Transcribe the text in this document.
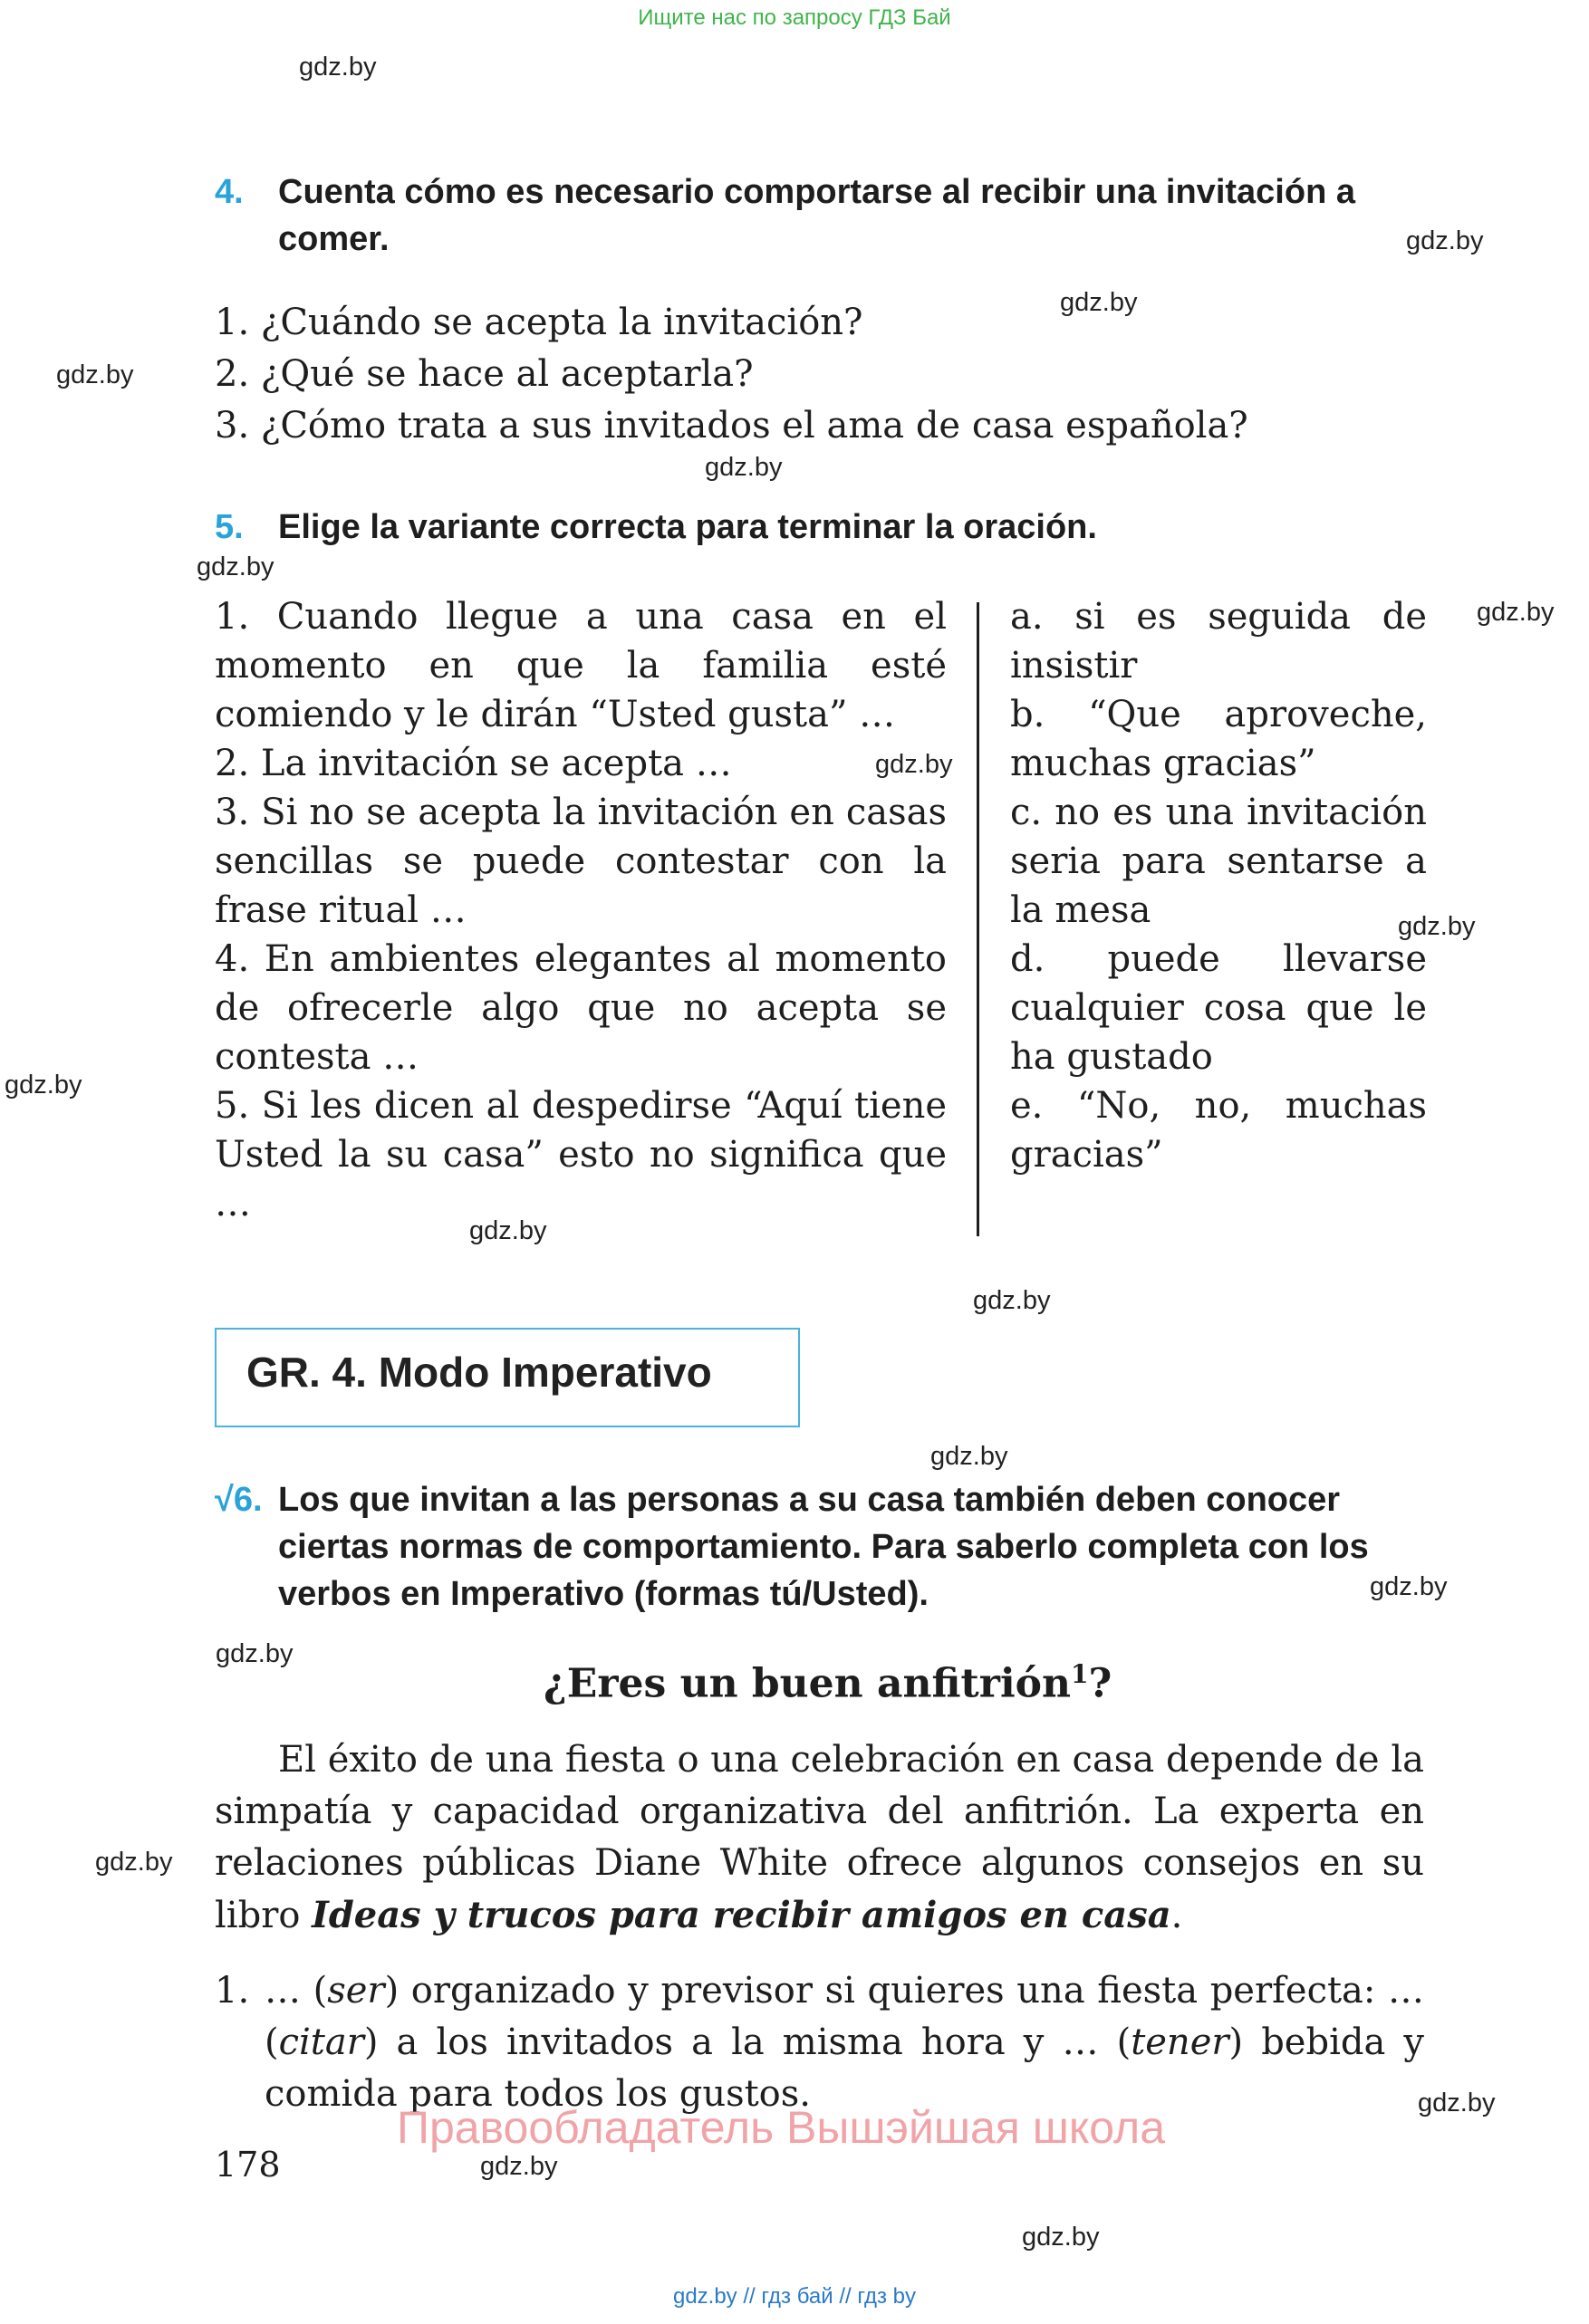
Ищите нас по запросу ГДЗ Бай
gdz.by
gdz.by
gdz.by
gdz.by
gdz.by
gdz.by
gdz.by
gdz.by
gdz.by
gdz.by
gdz.by
gdz.by
gdz.by
gdz.by
gdz.by
gdz.by
gdz.by
gdz.by
gdz.by
4. Cuenta cómo es necesario comportarse al recibir una invitación a comer.
1. ¿Cuándo se acepta la invitación?
2. ¿Qué se hace al aceptarla?
3. ¿Cómo trata a sus invitados el ama de casa española?
5. Elige la variante correcta para terminar la oración.

1. Cuando llegue a una casa en el momento en que la familia esté comiendo y le dirán “Usted gusta” …

2. La invitación se acepta …

3. Si no se acepta la invitación en casas sencillas se puede contestar con la frase ritual …

4. En ambientes elegantes al momento de ofrecerle algo que no acepta se contesta …

5. Si les dicen al despedirse “Aquí tiene Usted la su casa” esto no significa que …

a. si es seguida de insistir

b. “Que aproveche, muchas gracias”

c. no es una invitación seria para sentarse a la mesa

d. puede llevarse cualquier cosa que le ha gustado

e. “No, no, muchas gracias”

GR. 4. Modo Imperativo
√6. Los que invitan a las personas a su casa también deben conocer ciertas normas de comportamiento. Para saberlo completa con los verbos en Imperativo (formas tú/Usted).
¿Eres un buen anfitrión$^1$?

El éxito de una fiesta o una celebración en casa depende de la simpatía y capacidad organizativa del anfitrión. La experta en relaciones públicas Diane White ofrece algunos consejos en su libro Ideas y trucos para recibir amigos en casa.

1. … (ser) organizado y previsor si quieres una fiesta perfecta: … (citar) a los invitados a la misma hora y … (tener) bebida y comida para todos los gustos.
Правообладатель Вышэйшая школа
178
gdz.by // гдз бай // гдз by
